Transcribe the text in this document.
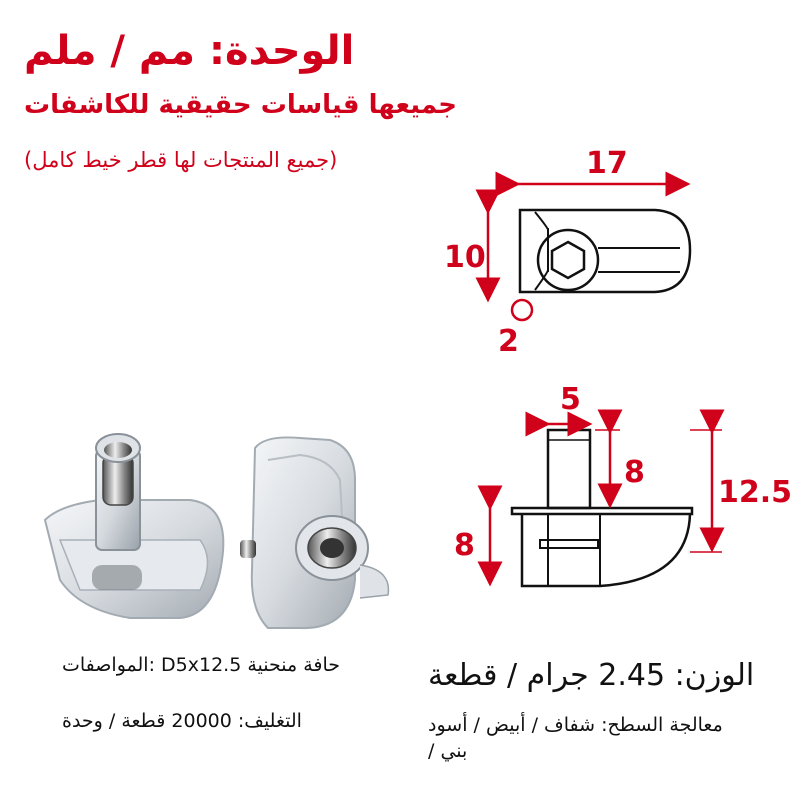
الوحدة: مم / ملم
جميعها قياسات حقيقية للكاشفات
(جميع المنتجات لها قطر خيط كامل)	17
10
2
5
8
12.5
8
المواصفات: D5x12.5 حافة منحنية
التغليف: 20000 قطعة / وحدة
الوزن: 2.45 جرام / قطعة
معالجة السطح: شفاف / أبيض / أسود
/ بني
